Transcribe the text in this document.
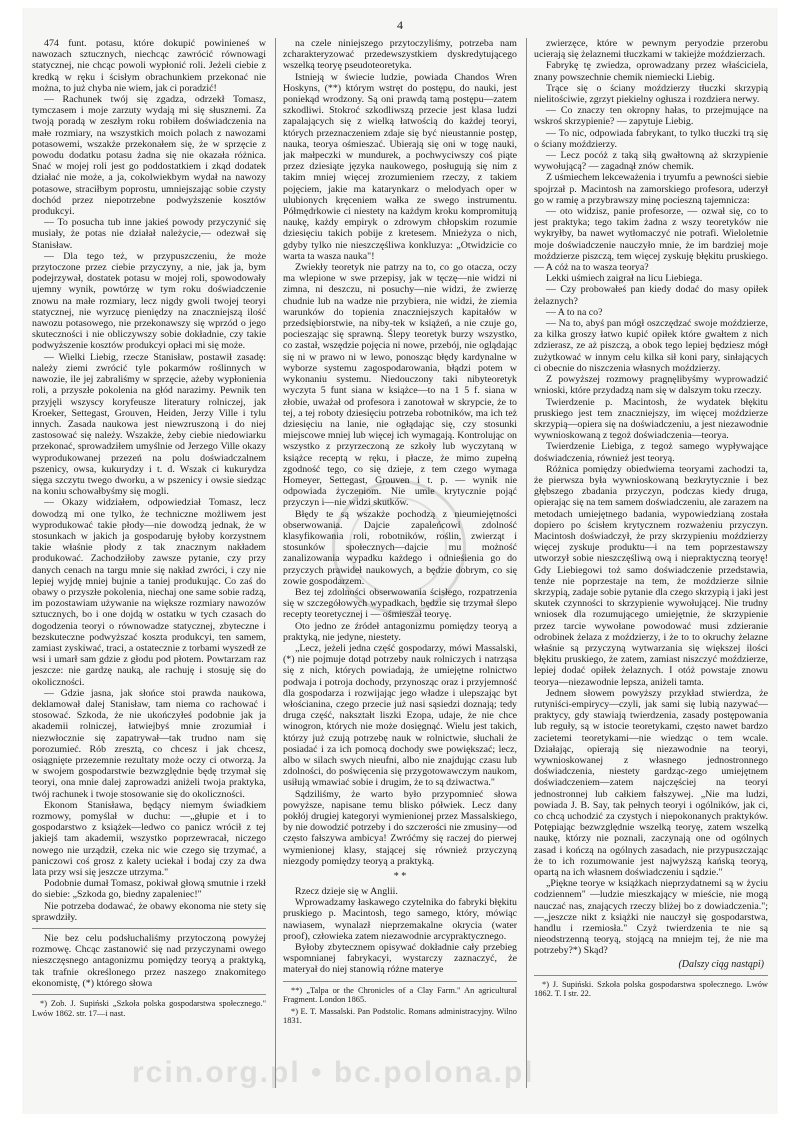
4

474 funt. potasu, które dokupić powinieneś w nawozach sztucznych, niechcąc zawrócić równowagi statycznej, nie chcąc powoli wypłonić roli. Jeżeli ciebie z kredką w ręku i ścisłym obrachunkiem przekonać nie można, to już chyba nie wiem, jak ci poradzić!

— Rachunek twój się zgadza, odrzekł Tomasz, tymczasem i moje zarzuty wydają mi się słusznemi. Za twoją poradą w zeszłym roku robiłem doświadczenia na małe rozmiary, na wszystkich moich polach z nawozami potasowemi, wszakże przekonałem się, że w sprzęcie z powodu dodatku potasu żadna się nie okazała różnica. Snać w mojej roli jest go poddostatkiem i zkąd dodatek działać nie może, a ja, cokolwiekbym wydał na nawozy potasowe, straciłbym poprostu, umniejszając sobie czysty dochód przez niepotrzebne podwyższenie kosztów produkcyi.

— To posucha tub inne jakieś powody przyczynić się musiały, że potas nie działał należycie,— odezwał się Stanisław.

— Dla tego też, w przypuszczeniu, że może przytoczone przez ciebie przyczyny, a nie, jak ja, bym podejrzywał, dostatek potasu w mojej roli, spowodowały ujemny wynik, powtórzę w tym roku doświadczenie znowu na małe rozmiary, lecz nigdy gwoli twojej teoryi statycznej, nie wyrzucę pieniędzy na znaczniejszą ilość nawozu potasowego, nie przekonawszy się wprzód o jego skuteczności i nie obliczywszy sobie dokładnie, czy takie podwyższenie kosztów produkcyi opłaci mi się może.

— Wielki Liebig, rzecze Stanisław, postawił zasadę: należy ziemi zwrócić tyle pokarmów roślinnych w nawozie, ile jej zabraliśmy w sprzęcie, ażeby wypłonienia roli, a przyszłe pokolenia na głód narazimy. Pewnik ten przyjęli wszyscy koryfeusze literatury rolniczej, jak Kroeker, Settegast, Grouven, Heiden, Jerzy Ville i tylu innych. Zasada naukowa jest niewzruszoną i do niej zastosować się należy. Wszakże, żeby ciebie niedowiarku przekonać, sprowadziłem umyślnie od Jerzego Ville okazy wyprodukowanej przezeń na polu doświadczalnem pszenicy, owsa, kukurydzy i t. d. Wszak ci kukurydza sięga szczytu twego dworku, a w pszenicy i owsie siedząc na koniu schowałbyśmy się mogli.

— Okazy widziałem, odpowiedział Tomasz, lecz dowodzą mi one tylko, że techniczne możliwem jest wyprodukować takie płody—nie dowodzą jednak, że w stosunkach w jakich ja gospodaruję byłoby korzystnem takie właśnie płody z tak znacznym nakładem produkować. Zachodziłoby zawsze pytanie, czy przy danych cenach na targu mnie się nakład zwróci, i czy nie lepiej wyjdę mniej bujnie a taniej produkując. Co zaś do obawy o przyszłe pokolenia, niechaj one same sobie radzą, im pozostawiam używanie na większe rozmiary nawozów sztucznych, bo i one dojdą w ostatku w tych czasach do dogodzenia teoryi o równowadze statycznej, zbyteczne i bezskuteczne podwyższać koszta produkcyi, ten samem, zamiast zyskiwać, traci, a ostatecznie z torbami wyszedł ze wsi i umarł sam gdzie z głodu pod płotem. Powtarzam raz jeszcze: nie gardzę nauką, ale rachuję i stosuję się do okoliczności.

— Gdzie jasna, jak słońce stoi prawda naukowa, deklamował dalej Stanisław, tam niema co rachować i stosować. Szkoda, że nie ukończyłeś podobnie jak ja akademii rolniczej, łatwiejbyś mnie zrozumiał i niezwłocznie się zapatrywał—tak trudno nam się porozumieć. Rób zresztą, co chcesz i jak chcesz, osiągnięte przezemnie rezultaty może oczy ci otworzą. Ja w swojem gospodarstwie bezwzględnie będę trzymał się teoryi, ona mnie dalej zaprowadzi aniżeli twoja praktyka, twój rachunek i twoje stosowanie się do okoliczności.

Ekonom Stanisława, będący niemym świadkiem rozmowy, pomyślał w duchu: —„głupie et i to gospodarstwo z książek—ledwo co panicz wrócił z tej jakiejś tam akademii, wszystko poprzewracał, niczego nowego nie urządził, czeka nic wie czego się trzymać, a paniczowi coś grosz z kalety uciekał i bodaj czy za dwa lata przy wsi się jeszcze utrzyma."

Podobnie dumał Tomasz, pokiwał głową smutnie i rzekł do siebie: „Szkoda go, biedny zapaleniec!"

Nie potrzeba dodawać, że obawy ekonoma nie stety się sprawdziły.

Nie bez celu podsłuchaliśmy przytoczoną powyżej rozmowę. Chcąc zastanowić się nad przyczynami owego nieszczęsnego antagonizmu pomiędzy teoryą a praktyką, tak trafnie określonego przez naszego znakomitego ekonomistę, (*) którego słowa

*) Zob. J. Supiński „Szkoła polska gospodarstwa społecznego." Lwów 1862. str. 17—i nast.

na czele niniejszego przytoczyliśmy, potrzeba nam zcharakteryzować przedewszystkiem dyskredytującego wszelką teoryę pseudoteoretyka.

Istnieją w świecie ludzie, powiada Chandos Wren Hoskyns, (**) którym wstręt do postępu, do nauki, jest poniekąd wrodzony. Są oni prawdą tamą postępu—zatem szkodliwi. Stokroć szkodliwszą przecie jest klasa ludzi zapalających się z wielką łatwością do każdej teoryi, których przeznaczeniem zdaje się być nieustannie postęp, nauka, teorya ośmieszać. Ubierają się oni w togę nauki, jak małpeczki w mundurek, a pochwyciwszy coś piąte przez dziesiąte języka naukowego, posługują się nim z takim mniej więcej zrozumieniem rzeczy, z takiem pojęciem, jakie ma katarynkarz o melodyach oper w ulubionych kręceniem wałka ze swego instrumentu. Półmędrkowie ci niestety na każdym kroku kompromitują naukę, każdy empiryk o zdrowym chłopskim rozumie dziesięciu takich pobije z kretesem. Mnieżyza o nich, gdyby tylko nie nieszczęśliwa konkluzya: „Otwidzicie co warta ta wasza nauka"!

Zwiekły teoretyk nie patrzy na to, co go otacza, oczy ma wlepione w swe przepisy, jak w tęczę—nie widzi ni zimna, ni deszczu, ni posuchy—nie widzi, że zwierzę chudnie lub na wadze nie przybiera, nie widzi, że ziemia warunków do topienia znaczniejszych kapitałów w przedsiębiorstwie, na niby-tek w książeń, a nie czuje go, pocieszając się sprawną. Ślepy teoretyk burzy wszystko, co zastał, wszędzie pojęcia ni nowe, przebój, nie oglądając się ni w prawo ni w lewo, ponosząc błędy kardynalne w wyborze systemu zagospodarowania, błądzi potem w wykonaniu systemu. Niedouczony taki nibyteoretyk wyczyta 5 funt siana w książce—to na 1 5 f. siana w złobie, uważał od profesora i zanotował w skrypcie, że to tej, a tej roboty dziesięciu potrzeba robotników, ma ich też dziesięciu na lanie, nie ogłądając się, czy stosunki miejscowe mniej lub więcej ich wymagają. Kontrolując on wszystko z przyrzeczoną ze szkoły lub wyczytaną w książce receptą w ręku, i płacze, że mimo zupełną zgodność tego, co się dzieje, z tem czego wymaga Homeyer, Settegast, Grouven i t. p. — wynik nie odpowiada życzeniom. Nie umie krytycznie pojąć przyczyn i—nie widzi skutków.

Błędy te są wszakże pochodzą z nieumiejętności obserwowania. Dajcie zapaleńcowi zdolność klasyfikowania roli, robotników, roślin, zwierząt i stosunków społecznych—dajcie mu możność zanalizowania wypadku każdego i odnieśienia go do przyczych prawideł naukowych, a będzie dobrym, co się zowie gospodarzem.

Bez tej zdolności obserwowania ścisłego, rozpatrzenia się w szczegółowych wypadkach, będzie się trzymał ślepo recepty teoretycznej i — ośmieszał teoryę.

Oto jedno ze źródeł antagonizmu pomiędzy teoryą a praktyką, nie jedyne, niestety.

„Lecz, jeżeli jedna część gospodarzy, mówi Massalski, (*) nie pojmuje dotąd potrzeby nauk rolniczych i natrząsa się z nich, których powiadają, że umiejętne rolnictwo podwaja i potroja dochody, przynosząc oraz i przyjemność dla gospodarza i rozwijając jego władze i ulepszając byt włościanina, czego przecie już nasi sąsiedzi doznają; tedy druga część, nakształt liszki Ezopa, udaje, że nie chce winogron, których nie może dosięgnąć. Wielu jest takich, którzy już czują potrzebę nauk w rolnictwie, słuchali że posiadać i za ich pomocą dochody swe powiększać; lecz, albo w silach swych nieufni, albo nie znajdując czasu lub zdolności, do poświęcenia się przygotowawczym naukom, usiłują wmawiać sobie i drugim, że to są dziwactwa."

Sądziliśmy, że warto było przypomnieć słowa powyższe, napisane temu blisko półwiek. Lecz dany pokłój drugiej kategoryi wymienionej przez Massalskiego, by nie dowodzić potrzeby i do szczerości nie zmusiny—od często fałszywa ambicya! Zwróćmy się raczej do pierwej wymienionej klasy, stającej się również przyczyną niezgody pomiędzy teoryą a praktyką.

* *

Rzecz dzieje się w Anglii.

Wprowadzamy łaskawego czytelnika do fabryki błękitu pruskiego p. Macintosh, tego samego, który, mówiąc nawiasem, wynalazł nieprzemakalne okrycia (water proof), człowieka zatem niezawodnie arcypraktycznego.

Byłoby zbytecznem opisywać dokładnie cały przebieg wspomnianej fabrykacyi, wystarczy zaznaczyć, że materyał do niej stanowią różne materye

**) „Talpa or the Chronicles of a Clay Farm." An agricultural Fragment. London 1865.

*) E. T. Massalski. Pan Podstolic. Romans administracyjny. Wilno 1831.

zwierzęce, które w pewnym peryodzie przerobu ucierają się żelaznemi tłuczkami w takiejże moździerzach.

Fabrykę tę zwiedza, oprowadzany przez właściciela, znany powszechnie chemik niemiecki Liebig.

Trące się o ściany moździerzy tłuczki skrzypią nielitościwie, zgrzyt piekielny ogłusza i rozdziera nerwy.

— Co znaczy ten okropny hałas, to przejmujące na wskroś skrzypienie? — zapytuje Liebig.

— To nic, odpowiada fabrykant, to tylko tłuczki trą się o ściany moździerzy.

— Lecz pocóż z taką siłą gwałtowną aż skrzypienie wywołującą? — zagadnął znów chemik.

Z uśmiechem lekceważenia i tryumfu a pewności siebie spojrzał p. Macintosh na zamorskiego profesora, uderzył go w ramię a przybrawszy minę pocieszną tajemnicza:

— oto widzisz, panie profesorze, — ozwał się, co to jest praktyka; tego takim żadna z wszy teoretyków nie wykryłby, ba nawet wytłomaczyć nie potrafi. Wieloletnie moje doświadczenie nauczyło mnie, że im bardziej moje moździerze piszczą, tem więcej zyskuję błękitu pruskiego.— A cóż na to wasza teorya?

Lekki uśmiech zaigrał na licu Liebiega.

— Czy probowałeś pan kiedy dodać do masy opiłek żelaznych?

— A to na co?

— Na to, abyś pan mógł oszczędzać swoje moździerze, za kilka groszy łatwo kupić opiłek które gwałtem z nich zdzierasz, ze aż piszczą, a obok tego lepiej będziesz mógł zużytkować w innym celu kilka sił koni pary, sinłających ci obecnie do niszczenia własnych moździerzy.

Z powyższej rozmowy pragnęlibyśmy wyprowadzić wnioski, które przydadzą nam się w dalszym toku rzeczy.

Twierdzenie p. Macintosh, że wydatek błękitu pruskiego jest tem znaczniejszy, im więcej moździerze skrzypią—opiera się na doświadczeniu, a jest niezawodnie wywnioskowaną z tegoż doświadczenia—teorya.

Twierdzenie Liebiga, z tegoż samego wypływające doświadczenia, również jest teoryą.

Różnica pomiędzy obiedwiema teoryami zachodzi ta, że pierwsza była wywnioskowaną bezkrytycznie i bez głębszego zbadania przyczyn, podczas kiedy druga, opierając się na tem samem doświadczeniu, ale zarazem na metodach umiejętnego badania, wypowiedzianą została dopiero po ścisłem krytycznem rozważeniu przyczyn. Macintosh doświadczył, że przy skrzypieniu moździerzy więcej zyskuje produktu—i na tem poprzestawszy utworzył sobie nieszczęśliwą ową i niepraktyczną teoryę! Gdy Liebiegowi toż samo doświadczenie przedstawia, tenże nie poprzestaje na tem, że moździerze silnie skrzypią, zadaje sobie pytanie dla czego skrzypią i jaki jest skutek czynności to skrzypienie wywołującej. Nie trudny wniosek dla rozumującego umiejętnie, że skrzypienie przez tarcie wywołane powodować musi zdzieranie odrobinek żelaza z moździerzy, i że to to okruchy żelazne właśnie są przyczyną wytwarzania się większej ilości błękitu pruskiego, że zatem, zamiast niszczyć moździerze, lepiej dodać opiłek żelaznych. I otóż powstaje znowu teorya—niezawodnie lepsza, aniżeli tamta.

Jednem słowem powyższy przykład stwierdza, że rutyniści-empirycy—czyli, jak sami się lubią nazywać—praktycy, gdy stawiają twierdzenia, zasady postępowania lub reguły, są w istocie teoretykami, często nawet bardzo zacietemi teoretykami—nie wiedząc o tem wcale. Działając, opierają się niezawodnie na teoryi, wywnioskowanej z własnego jednostronnego doświadczenia, niestety gardząc-zego umiejętnem doświadczeniem—zatem najczęściej na teoryi jednostronnej lub całkiem fałszywej. „Nie ma ludzi, powiada J. B. Say, tak pełnych teoryi i ogólników, jak ci, co chcą uchodzić za czystych i niepokonanych praktyków. Potępiając bezwzględnie wszelką teoryę, zatem wszelką naukę, którzy nie poznali, zaczynają one od ogólnych zasad i kończą na ogólnych zasadach, nie przypuszczając że to ich rozumowanie jest najwyższą kańską teoryą, opartą na ich własnem doświadczeniu i sądzie."

„Piękne teorye w książkach nieprzydatnemi są w życiu codziennem" —ludzie mieszkający w mieście, nie mogą nauczać nas, znających rzeczy bliżej bo z dowiadczenia."; —„jeszcze nikt z książki nie nauczył się gospodarstwa, handlu i rzemiosła." Czyż twierdzenia te nie są nieodstrzenną teoryą, stojącą na mniejm tej, że nie ma potrzeby?*) Skąd?

(Dalszy ciąg nastąpi)

*) J. Supiński. Szkoła polska gospodarstwa społecznego. Lwów 1862. T. I str. 22.

rcin.org.pl • bc.polona.pl
